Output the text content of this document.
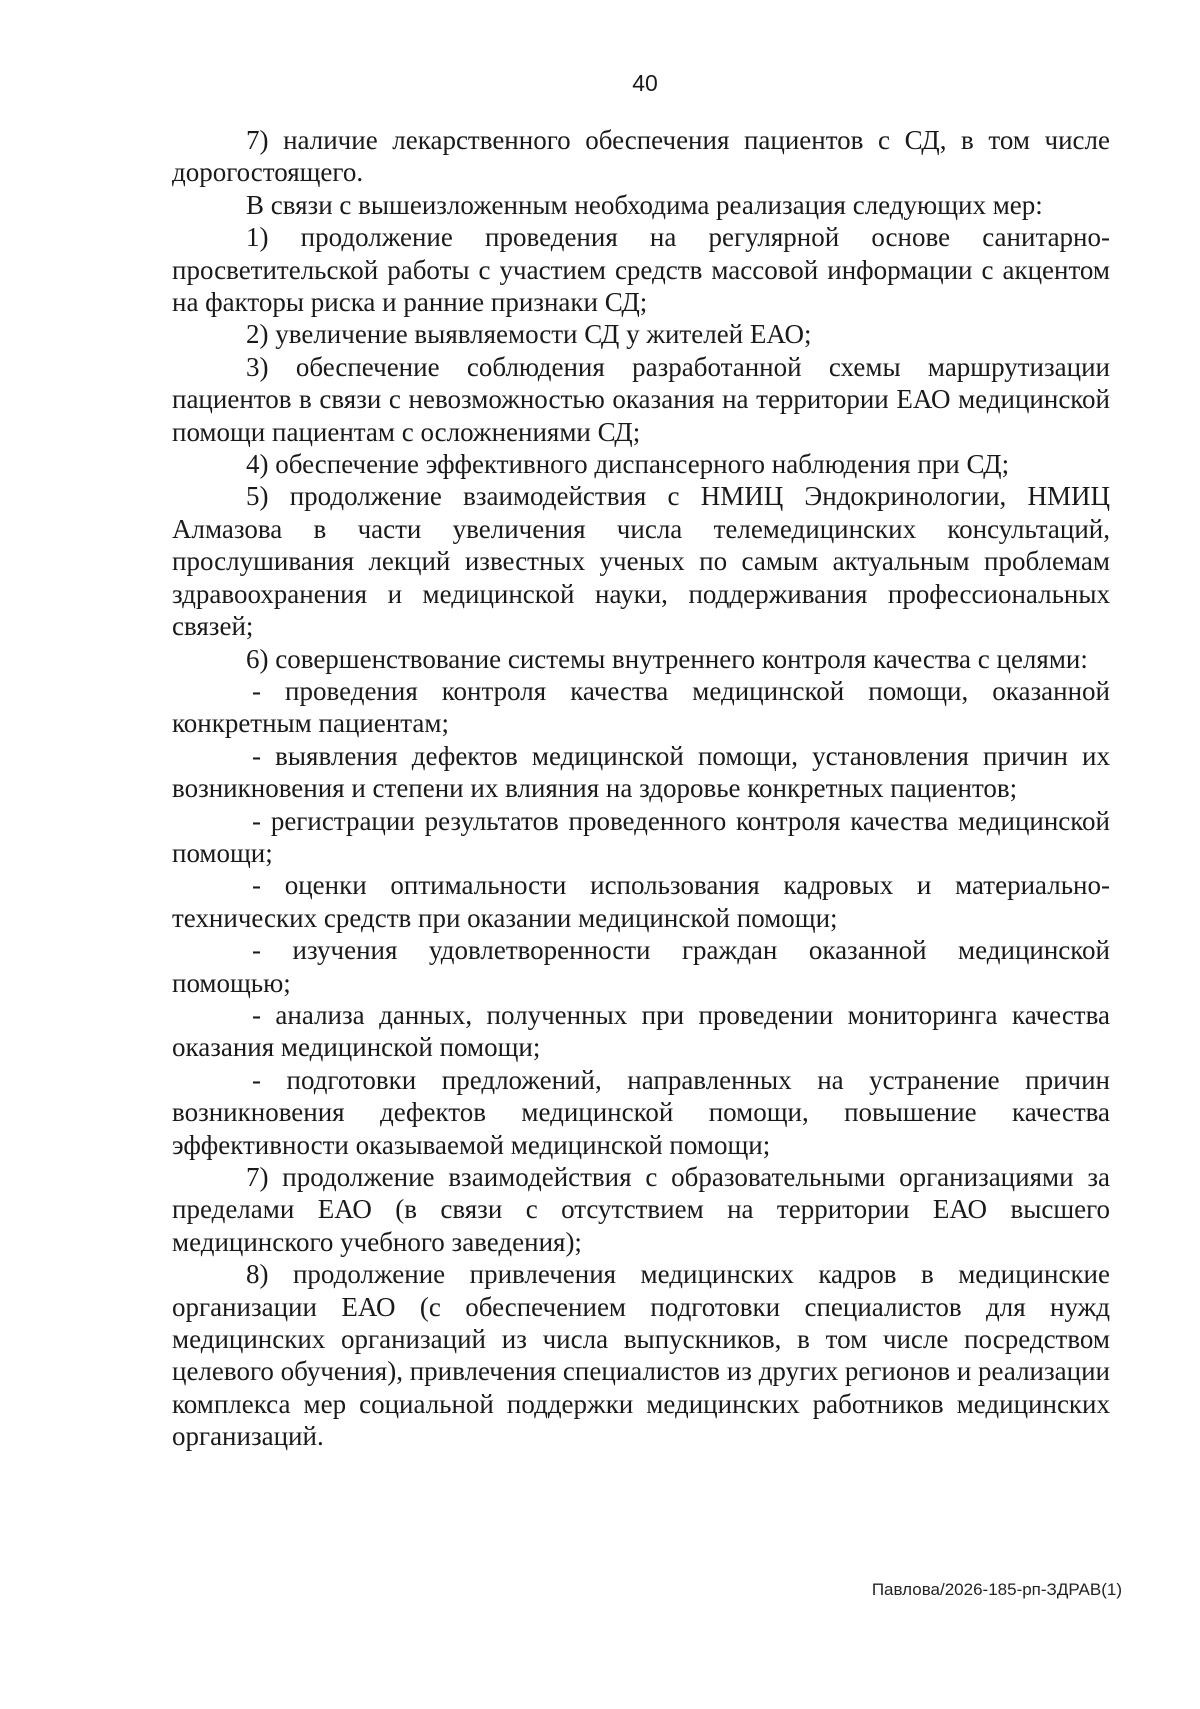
40

7) наличие лекарственного обеспечения пациентов с СД, в том числе дорогостоящего.

В связи с вышеизложенным необходима реализация следующих мер:

1) продолжение проведения на регулярной основе санитарно-просветительской работы с участием средств массовой информации с акцентом на факторы риска и ранние признаки СД;

2) увеличение выявляемости СД у жителей ЕАО;

3) обеспечение соблюдения разработанной схемы маршрутизации пациентов в связи с невозможностью оказания на территории ЕАО медицинской помощи пациентам с осложнениями СД;

4) обеспечение эффективного диспансерного наблюдения при СД;

5) продолжение взаимодействия с НМИЦ Эндокринологии, НМИЦ Алмазова в части увеличения числа телемедицинских консультаций, прослушивания лекций известных ученых по самым актуальным проблемам здравоохранения и медицинской науки, поддерживания профессиональных связей;

6) совершенствование системы внутреннего контроля качества с целями:

- проведения контроля качества медицинской помощи, оказанной конкретным пациентам;

- выявления дефектов медицинской помощи, установления причин их возникновения и степени их влияния на здоровье конкретных пациентов;

- регистрации результатов проведенного контроля качества медицинской помощи;

- оценки оптимальности использования кадровых и материально-технических средств при оказании медицинской помощи;

- изучения удовлетворенности граждан оказанной медицинской помощью;

- анализа данных, полученных при проведении мониторинга качества оказания медицинской помощи;

- подготовки предложений, направленных на устранение причин возникновения дефектов медицинской помощи, повышение качества эффективности оказываемой медицинской помощи;

7) продолжение взаимодействия с образовательными организациями за пределами ЕАО (в связи с отсутствием на территории ЕАО высшего медицинского учебного заведения);

8) продолжение привлечения медицинских кадров в медицинские организации ЕАО (с обеспечением подготовки специалистов для нужд медицинских организаций из числа выпускников, в том числе посредством целевого обучения), привлечения специалистов из других регионов и реализации комплекса мер социальной поддержки медицинских работников медицинских организаций.

Павлова/2026-185-рп-ЗДРАВ(1)
